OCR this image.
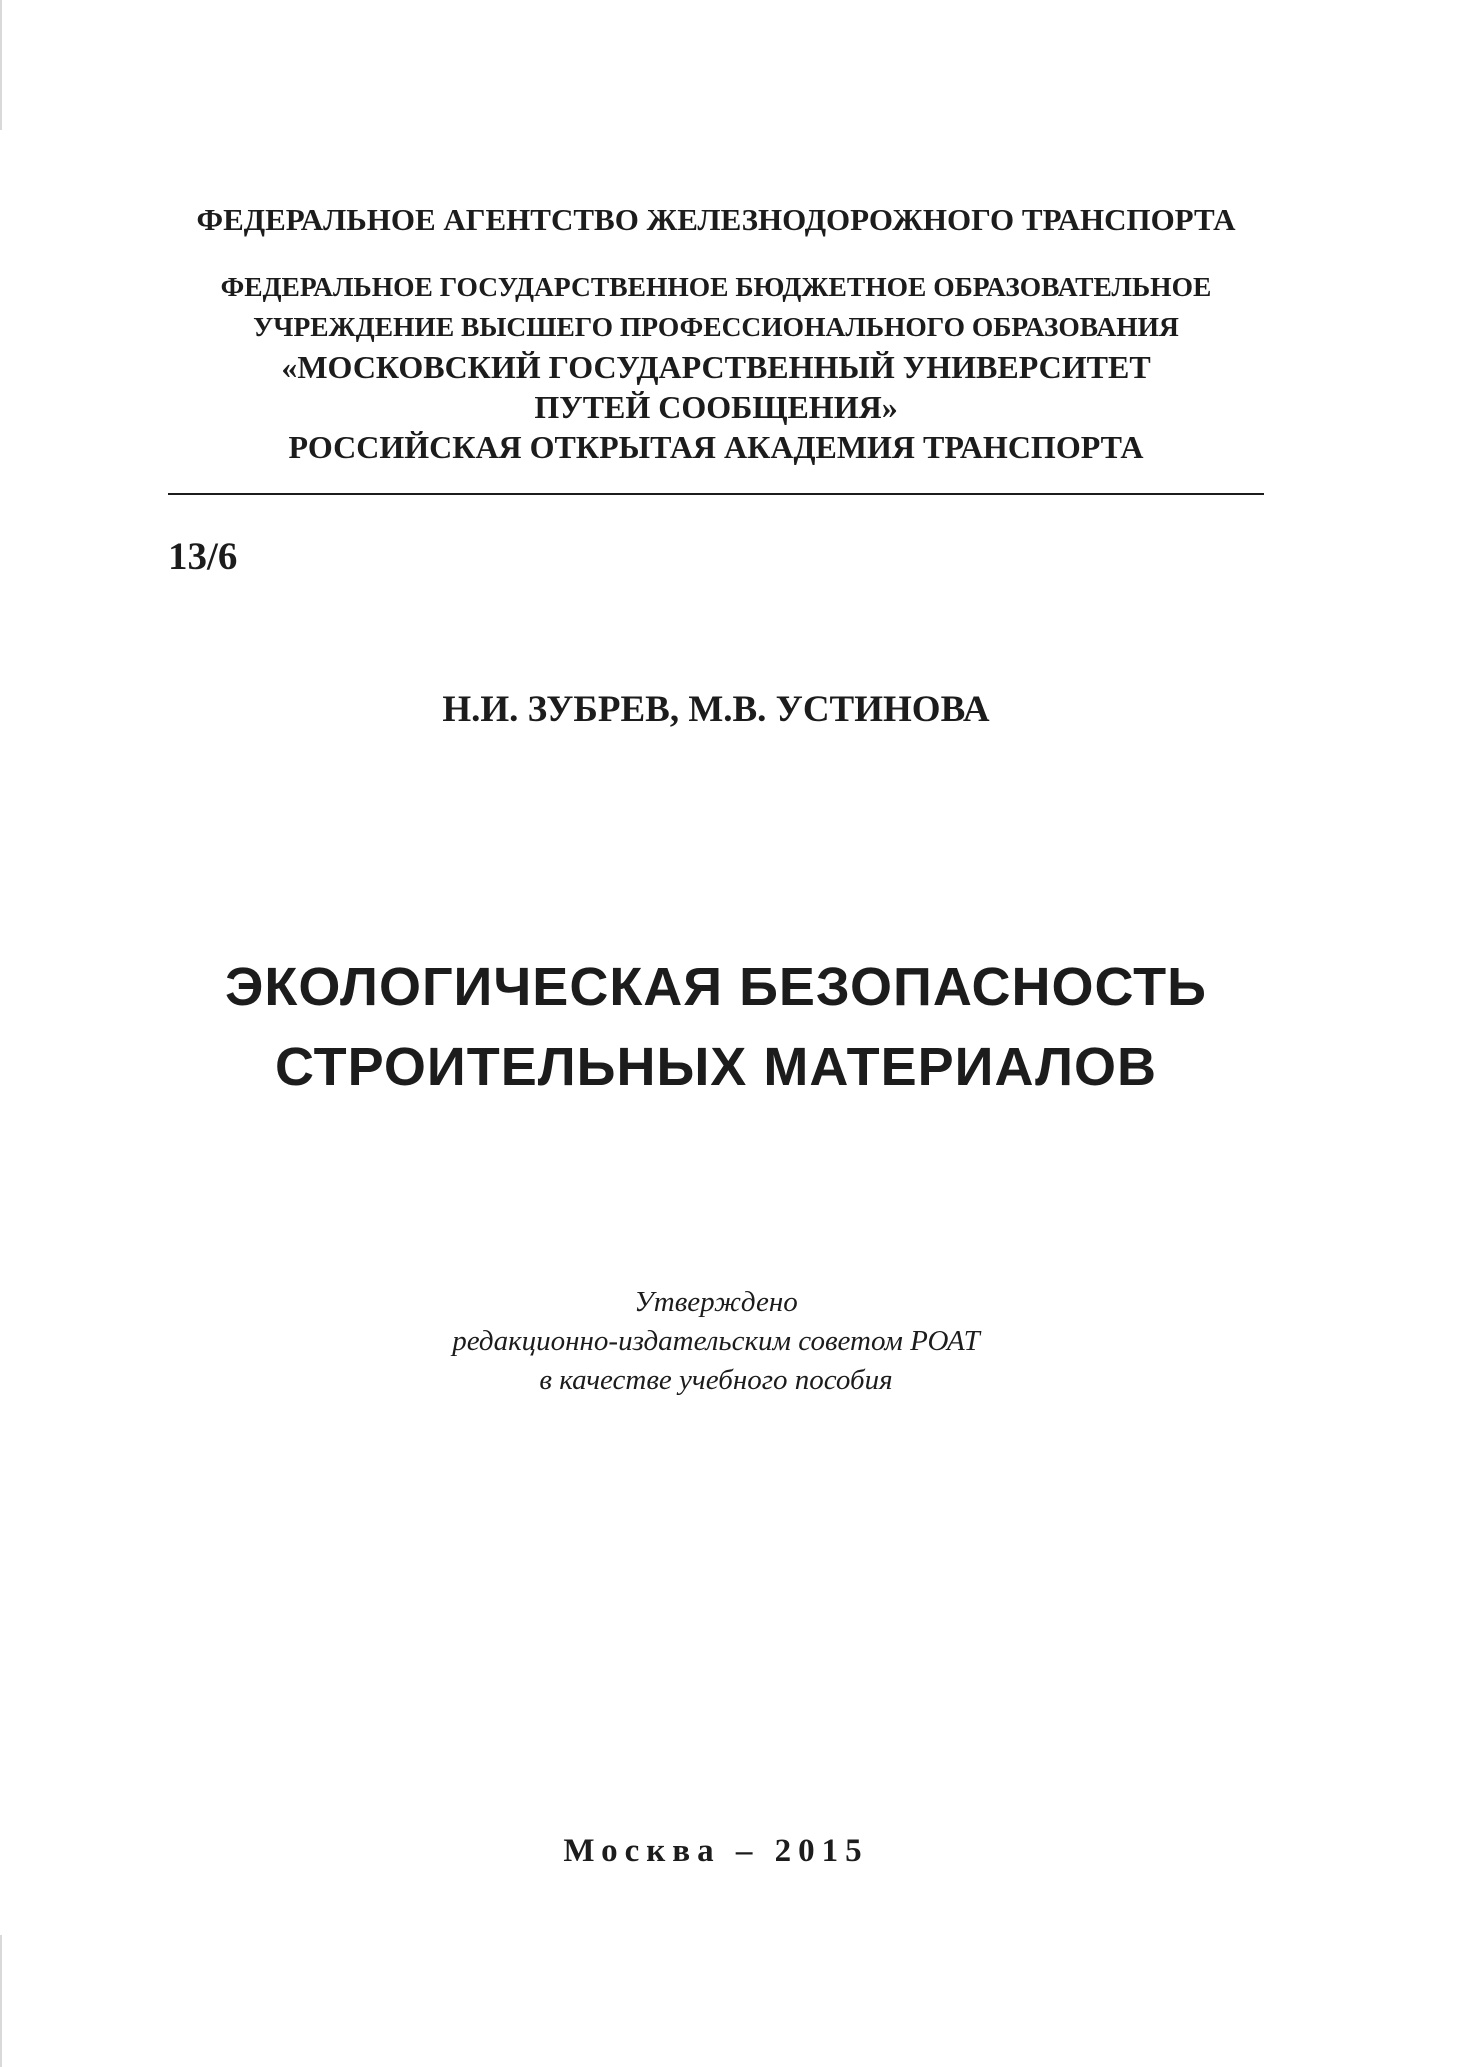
ФЕДЕРАЛЬНОЕ АГЕНТСТВО ЖЕЛЕЗНОДОРОЖНОГО ТРАНСПОРТА
ФЕДЕРАЛЬНОЕ ГОСУДАРСТВЕННОЕ БЮДЖЕТНОЕ ОБРАЗОВАТЕЛЬНОЕ
УЧРЕЖДЕНИЕ ВЫСШЕГО ПРОФЕССИОНАЛЬНОГО ОБРАЗОВАНИЯ
«МОСКОВСКИЙ ГОСУДАРСТВЕННЫЙ УНИВЕРСИТЕТ
ПУТЕЙ СООБЩЕНИЯ»
РОССИЙСКАЯ ОТКРЫТАЯ АКАДЕМИЯ ТРАНСПОРТА
13/6
Н.И. ЗУБРЕВ, М.В. УСТИНОВА
ЭКОЛОГИЧЕСКАЯ БЕЗОПАСНОСТЬ
СТРОИТЕЛЬНЫХ МАТЕРИАЛОВ
Утверждено
редакционно-издательским советом РОАТ
в качестве учебного пособия
Москва – 2015
